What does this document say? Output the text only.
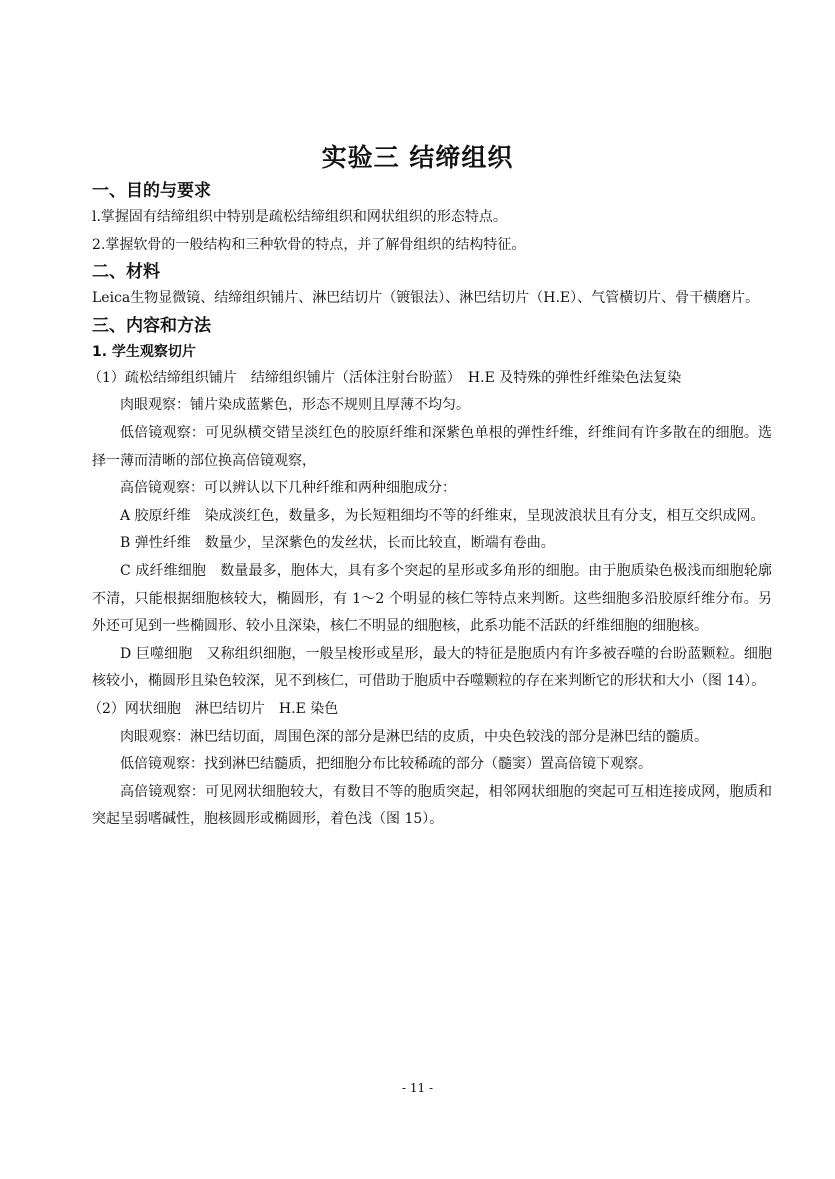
实验三 结缔组织
一、目的与要求

l.掌握固有结缔组织中特别是疏松结缔组织和网状组织的形态特点。

2.掌握软骨的一般结构和三种软骨的特点，并了解骨组织的结构特征。

二、材料

Leica生物显微镜、结缔组织铺片、淋巴结切片（镀银法）、淋巴结切片（H.E）、气管横切片、骨干横磨片。

三、内容和方法
1. 学生观察切片

（1）疏松结缔组织铺片　结缔组织铺片（活体注射台盼蓝）　H.E 及特殊的弹性纤维染色法复染

肉眼观察：铺片染成蓝紫色，形态不规则且厚薄不均匀。

低倍镜观察：可见纵横交错呈淡红色的胶原纤维和深紫色单根的弹性纤维，纤维间有许多散在的细胞。选择一薄而清晰的部位换高倍镜观察，

高倍镜观察：可以辨认以下几种纤维和两种细胞成分：

A 胶原纤维　染成淡红色，数量多，为长短粗细均不等的纤维束，呈现波浪状且有分支，相互交织成网。

B 弹性纤维　数量少，呈深紫色的发丝状，长而比较直，断端有卷曲。

C 成纤维细胞　数量最多，胞体大，具有多个突起的星形或多角形的细胞。由于胞质染色极浅而细胞轮廓不清，只能根据细胞核较大，椭圆形，有 1～2 个明显的核仁等特点来判断。这些细胞多沿胶原纤维分布。另外还可见到一些椭圆形、较小且深染，核仁不明显的细胞核，此系功能不活跃的纤维细胞的细胞核。

D 巨噬细胞　又称组织细胞，一般呈梭形或星形，最大的特征是胞质内有许多被吞噬的台盼蓝颗粒。细胞核较小，椭圆形且染色较深，见不到核仁，可借助于胞质中吞噬颗粒的存在来判断它的形状和大小（图 14）。

（2）网状细胞　淋巴结切片　H.E 染色

肉眼观察：淋巴结切面，周围色深的部分是淋巴结的皮质，中央色较浅的部分是淋巴结的髓质。

低倍镜观察：找到淋巴结髓质，把细胞分布比较稀疏的部分（髓窦）置高倍镜下观察。

高倍镜观察：可见网状细胞较大，有数目不等的胞质突起，相邻网状细胞的突起可互相连接成网，胞质和突起呈弱嗜碱性，胞核圆形或椭圆形，着色浅（图 15）。

- 11 -
